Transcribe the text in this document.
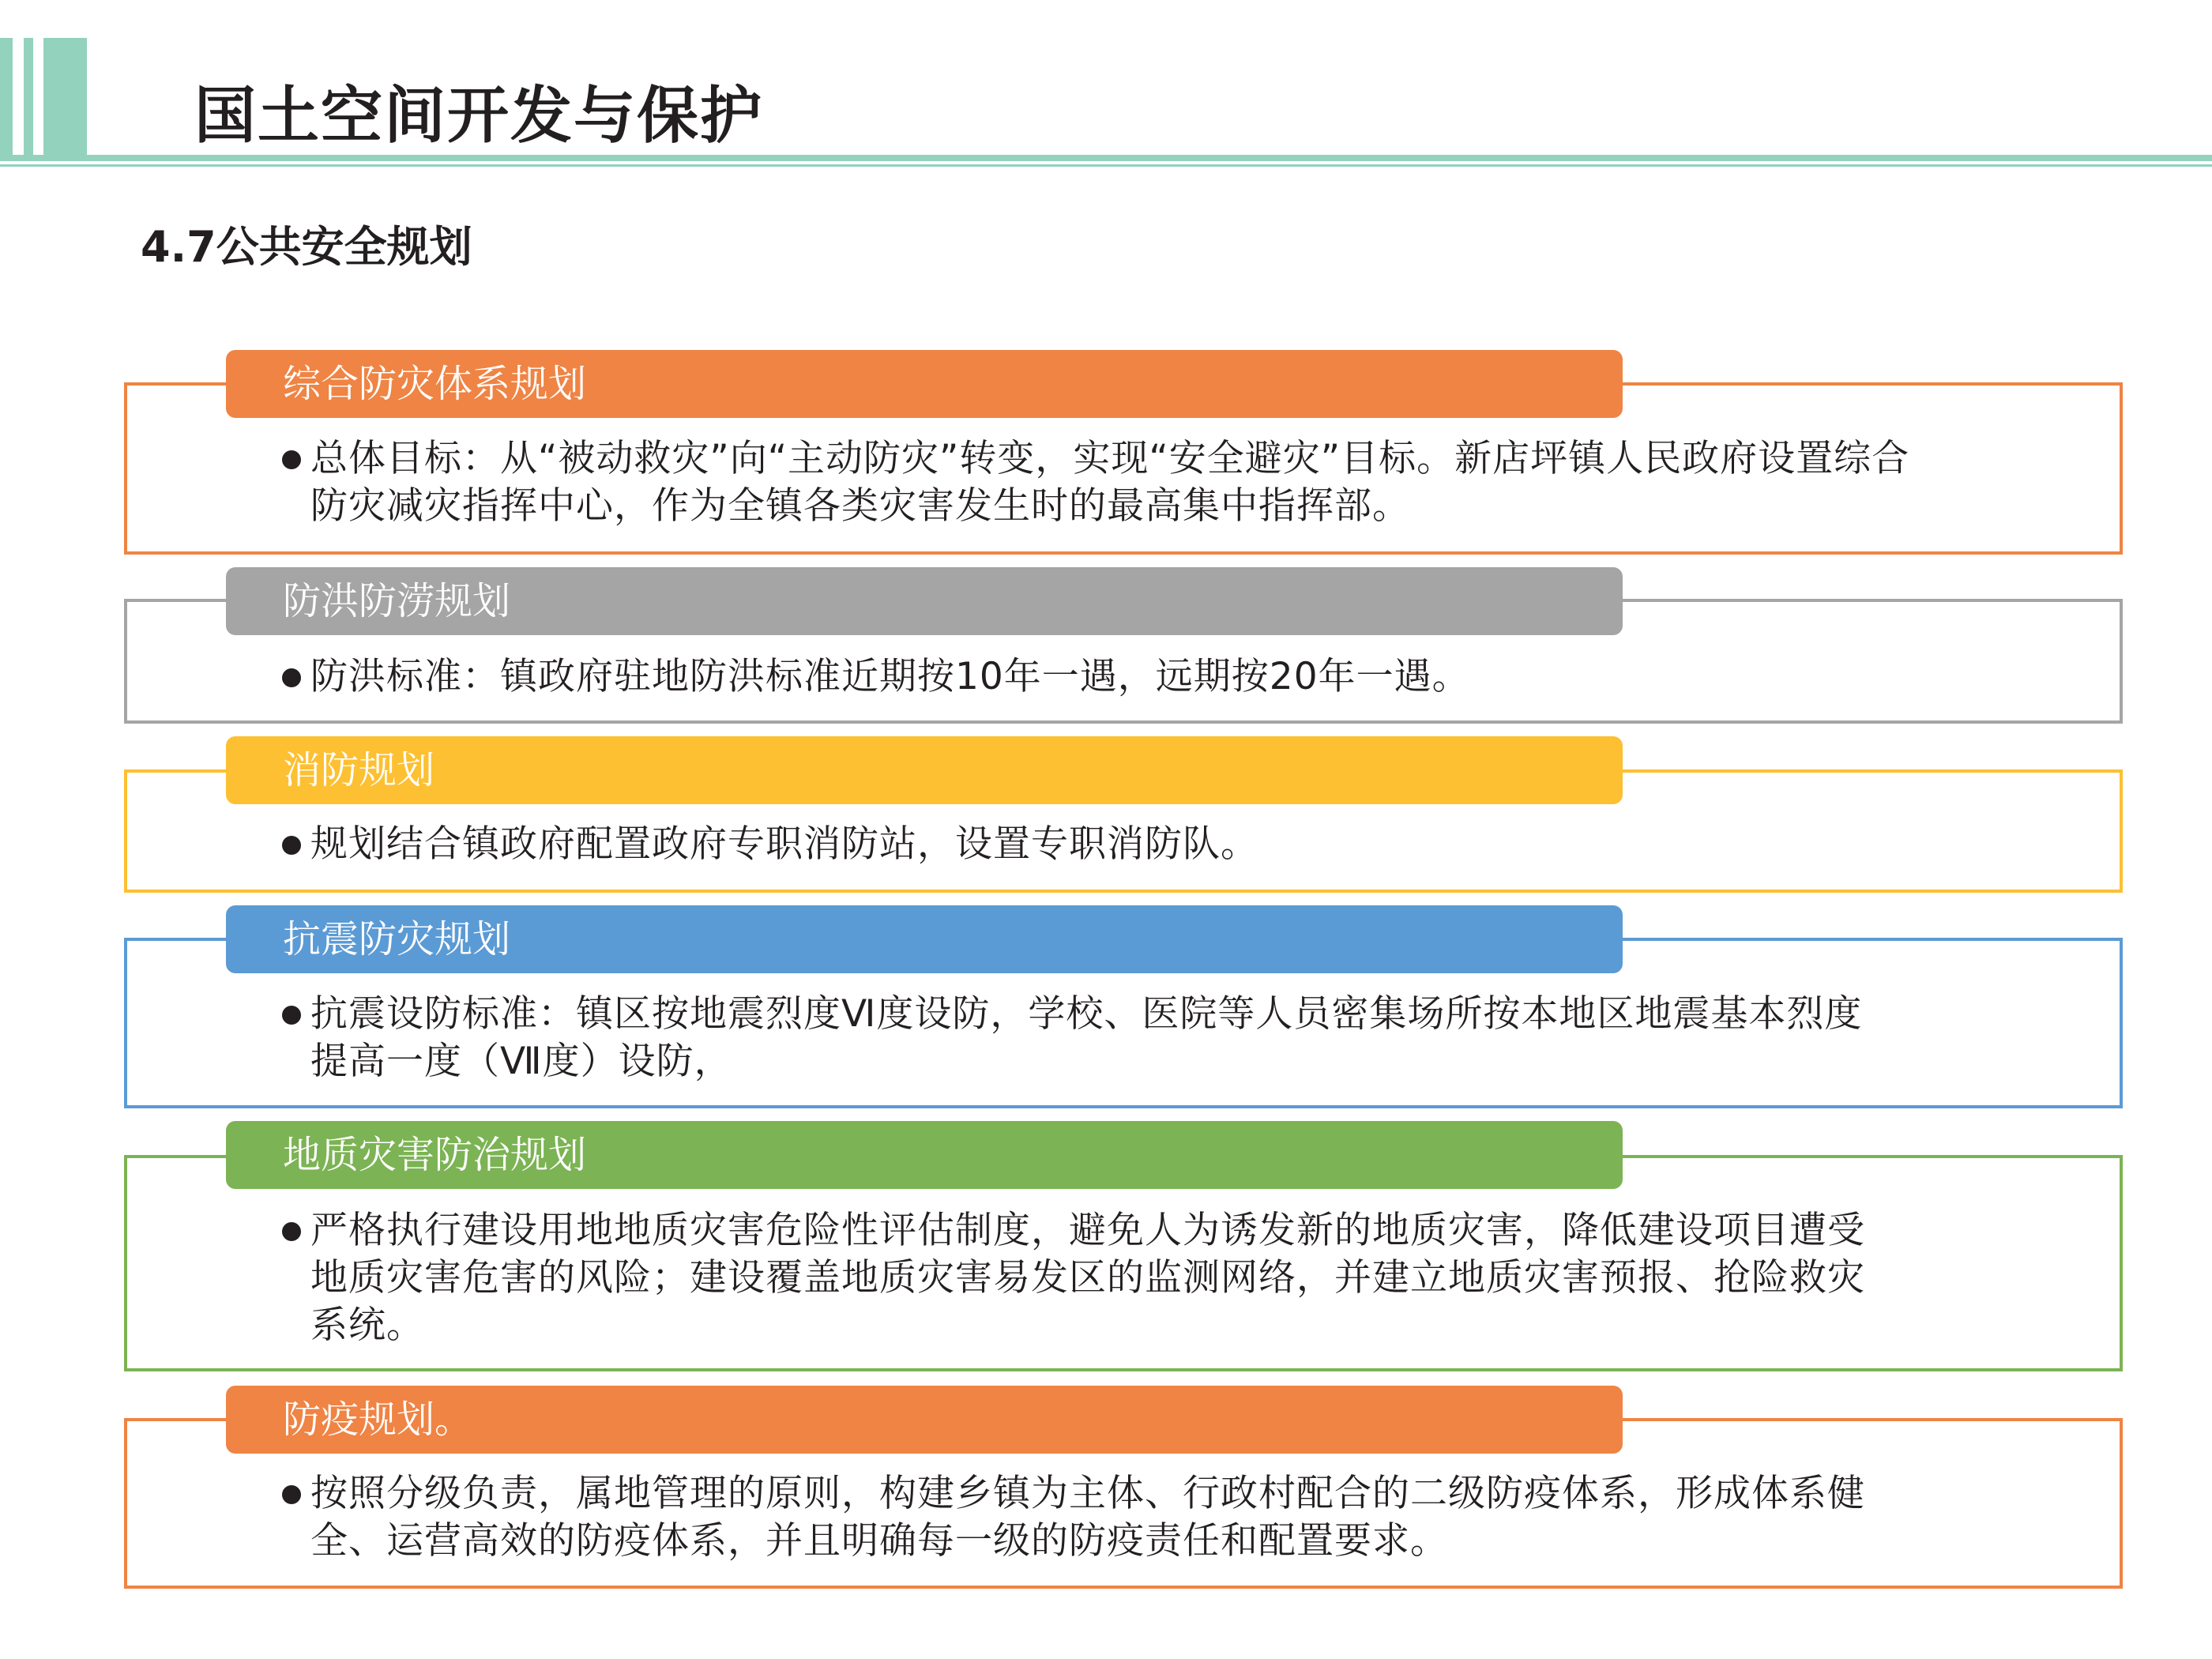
国土空间开发与保护
4.7公共安全规划
综合防灾体系规划
总体目标：从“被动救灾”向“主动防灾”转变，实现“安全避灾”目标。新店坪镇人民政府设置综合
防灾减灾指挥中心，作为全镇各类灾害发生时的最高集中指挥部。
防洪防涝规划
防洪标准：镇政府驻地防洪标准近期按10年一遇，远期按20年一遇。
消防规划
规划结合镇政府配置政府专职消防站，设置专职消防队。
抗震防灾规划
抗震设防标准：镇区按地震烈度Ⅵ度设防，学校、医院等人员密集场所按本地区地震基本烈度
提高一度（Ⅶ度）设防，
地质灾害防治规划
严格执行建设用地地质灾害危险性评估制度，避免人为诱发新的地质灾害，降低建设项目遭受
地质灾害危害的风险；建设覆盖地质灾害易发区的监测网络，并建立地质灾害预报、抢险救灾
系统。
防疫规划。
按照分级负责，属地管理的原则，构建乡镇为主体、行政村配合的二级防疫体系，形成体系健
全、运营高效的防疫体系，并且明确每一级的防疫责任和配置要求。
